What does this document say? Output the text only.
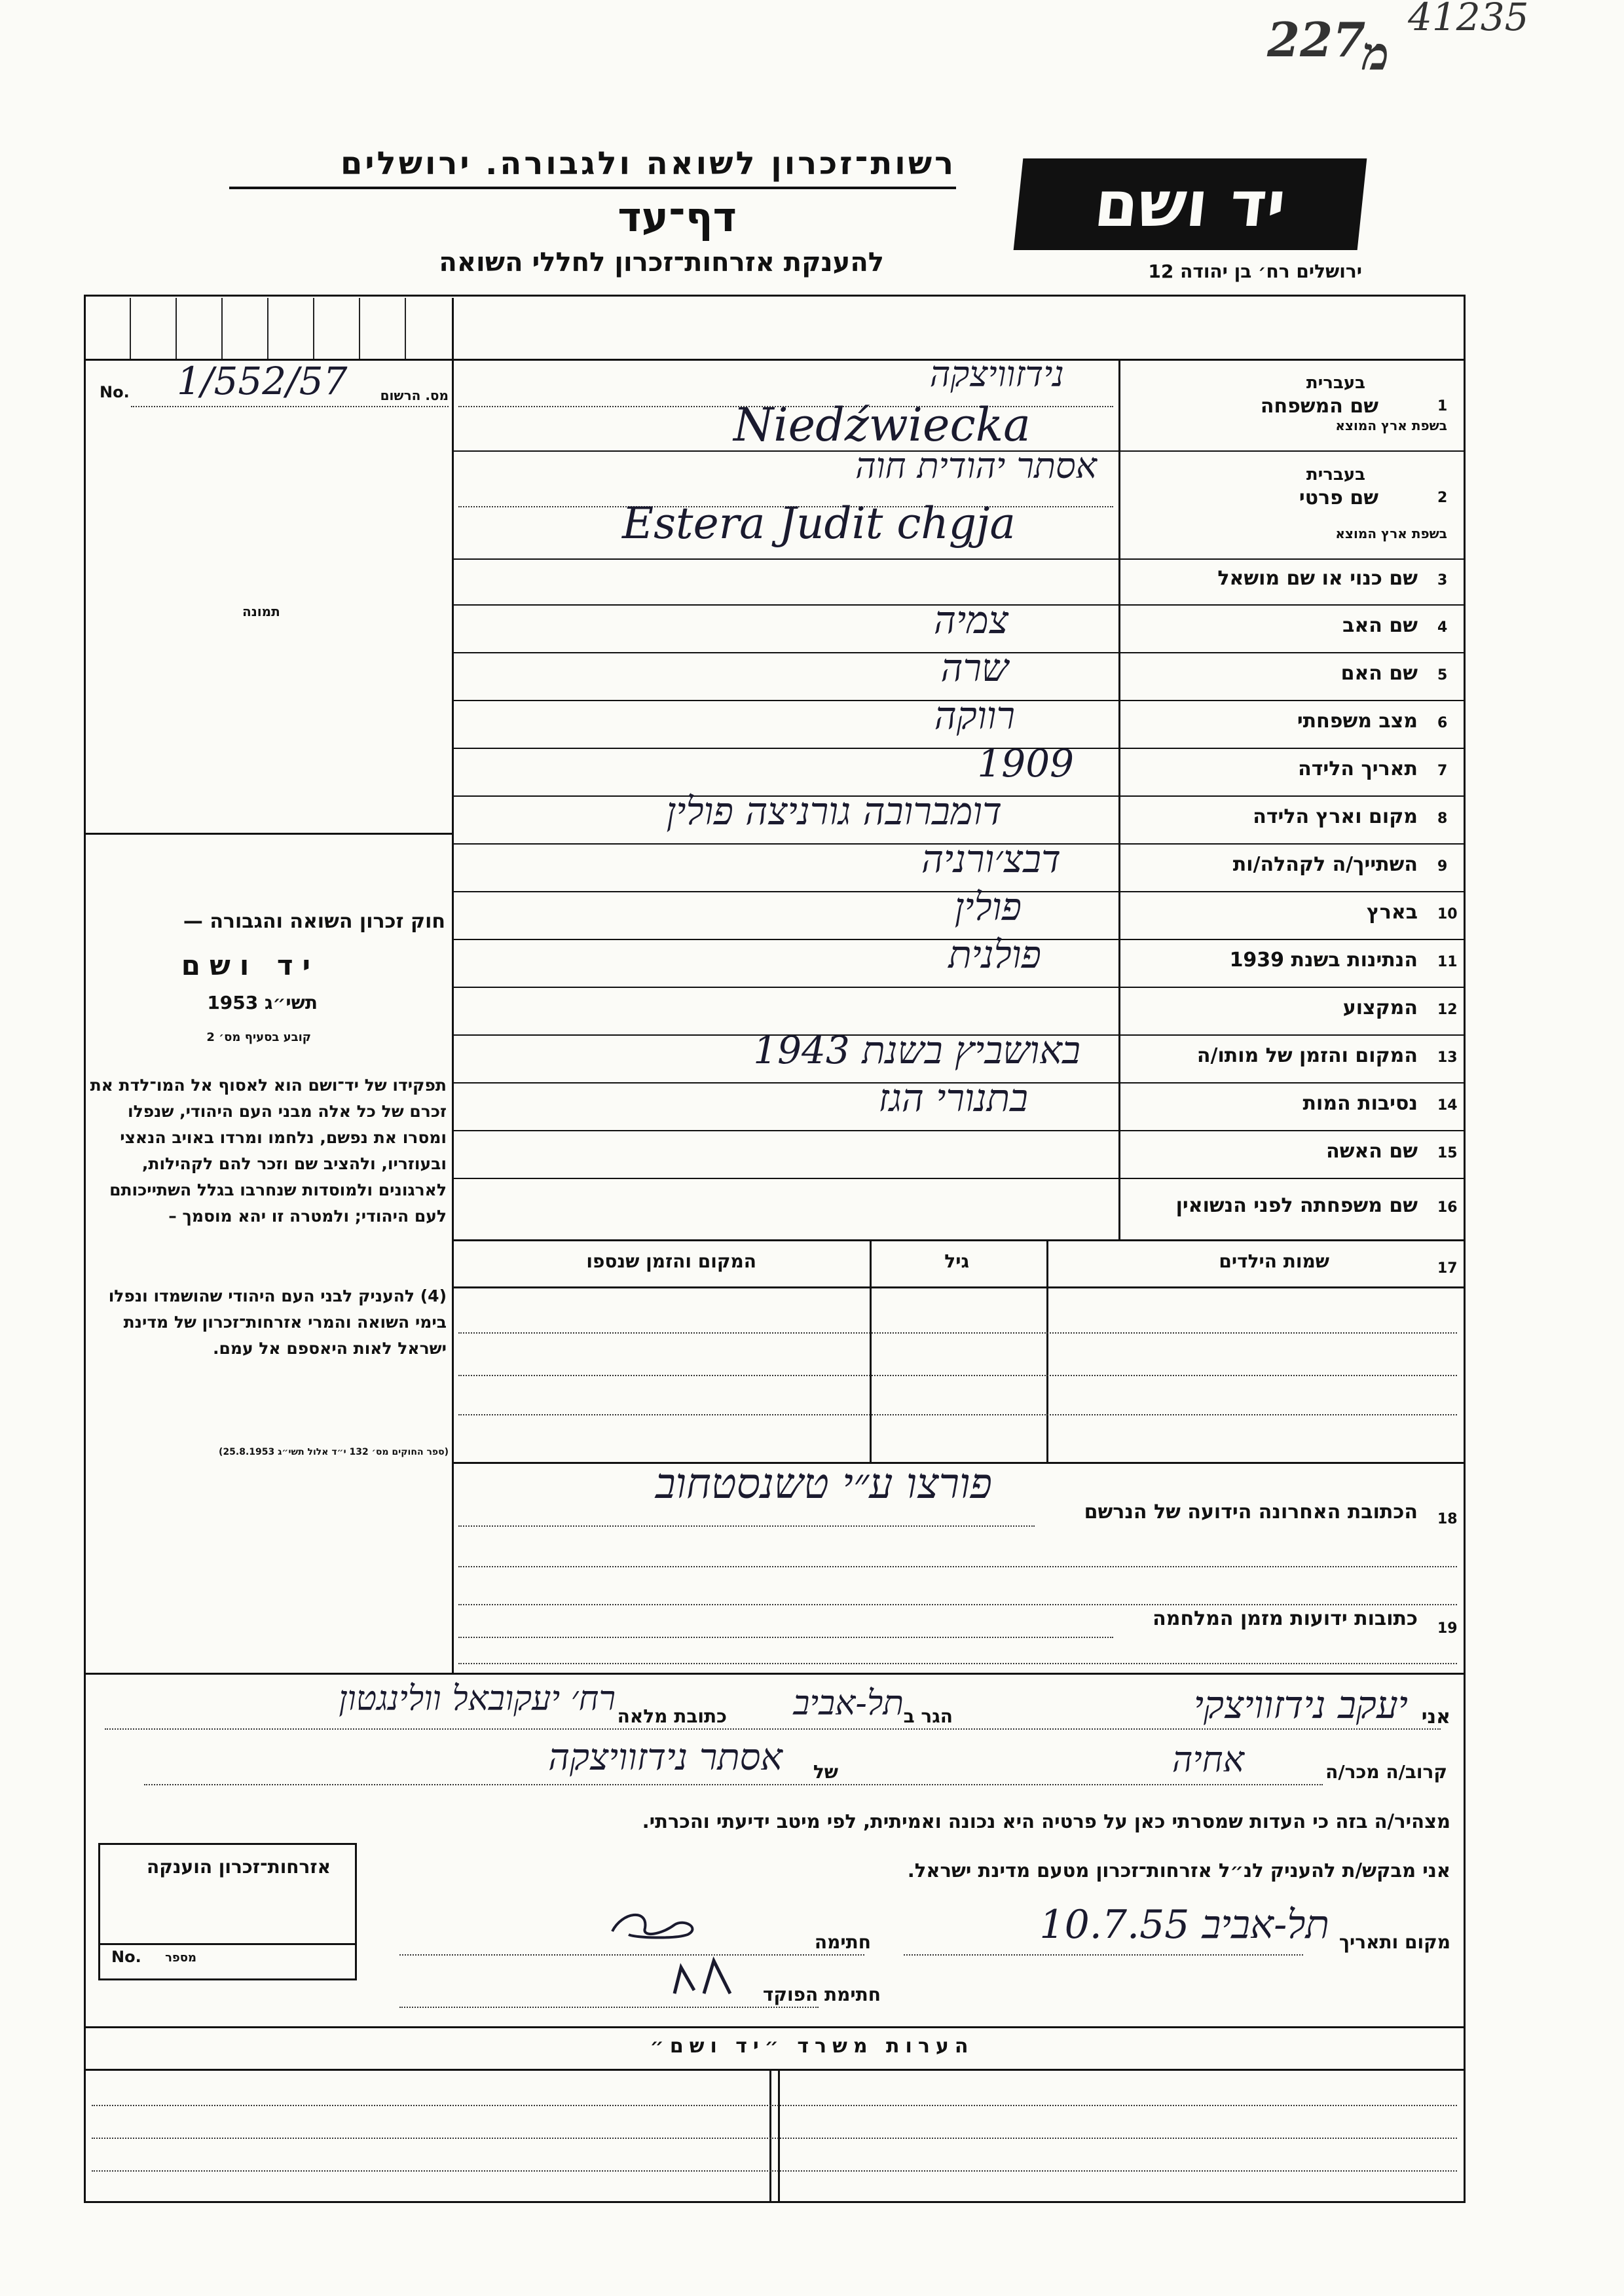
227
מ
41235
רשות־זכרון לשואה ולגבורה. ירושלים
דף־עד
להענקת אזרחות־זכרון לחללי השואה
יד ושם
ירושלים רח׳ בן יהודה 12
No.	מס. הרשום
1/552/57
תמונה
חוק זכרון השואה והגבורה —
יד ושם
תשי״ג 1953
קובע בסעיף מס׳ 2
תפקידו של יד־ושם הוא לאסוף אל המו־לדת את זכרם של כל אלה מבני העם היהודי, שנפלו ומסרו את נפשם, נלחמו ומרדו באויב הנאצי ובעוזריו, ולהציב שם וזכר להם לקהילות, לארגונים ולמוסדות שנחרבו בגלל השתייכותם לעם היהודי; ולמטרה זו יהא מוסמך –
(4) להעניק לבני העם היהודי שהושמדו ונפלו בימי השואה והמרי אזרחות־זכרון של מדינת ישראל לאות היאספם אל עמם.
(ספר החוקים מס׳ 132 י״ד אלול תשי״ג 25.8.1953)
1
שם המשפחה
בעברית
בשפת ארץ המוצא
נידזוויצקה
Niedźwiecka
2
שם פרטי
בעברית
בשפת ארץ המוצא
אסתר יהודית חוה
Estera Judit chgja
3
שם כנוי או שם מושאל
4
שם האב
צמיה
5
שם האם
שרה
6
מצב משפחתי
רווקה
7
תאריך הלידה
1909
8
מקום וארץ הלידה
דומברובה גורניצה פולין
9
השתייך/ה לקהלה/ות
דבצ׳ורניה
10
בארץ
פולין
11
הנתינות בשנת 1939
פולנית
12
המקצוע
13
המקום והזמן של מותו/ה
באושביץ בשנת 1943
14
נסיבות המות
בתנורי הגז
15
שם האשה
16
שם משפחתה לפני הנשואין
17
שמות הילדים
גיל
המקום והזמן שנספו
18
הכתובת האחרונה הידועה של הנרשם
פורצו ע״י טשנסטחוב
19
כתובות ידועות מזמן המלחמה
אני
יעקב נידזוויצקי
הגר ב
תל-אביב
כתובת מלאה
רח׳ יעקובאל וולינגטון
קרוב/ה מכר/ה
אחיה
של
אסתר נידזוויצקה
מצהיר/ה בזה כי העדות שמסרתי כאן על פרטיה היא נכונה ואמיתית, לפי מיטב ידיעתי והכרתי.
אני מבקש/ת להעניק לנ״ל אזרחות־זכרון מטעם מדינת ישראל.
מקום ותאריך
תל-אביב 10.7.55
חתימה
חתימת הפוקד
אזרחות־זכרון הוענקה
No. מספר
הערות משרד ״יד ושם״
